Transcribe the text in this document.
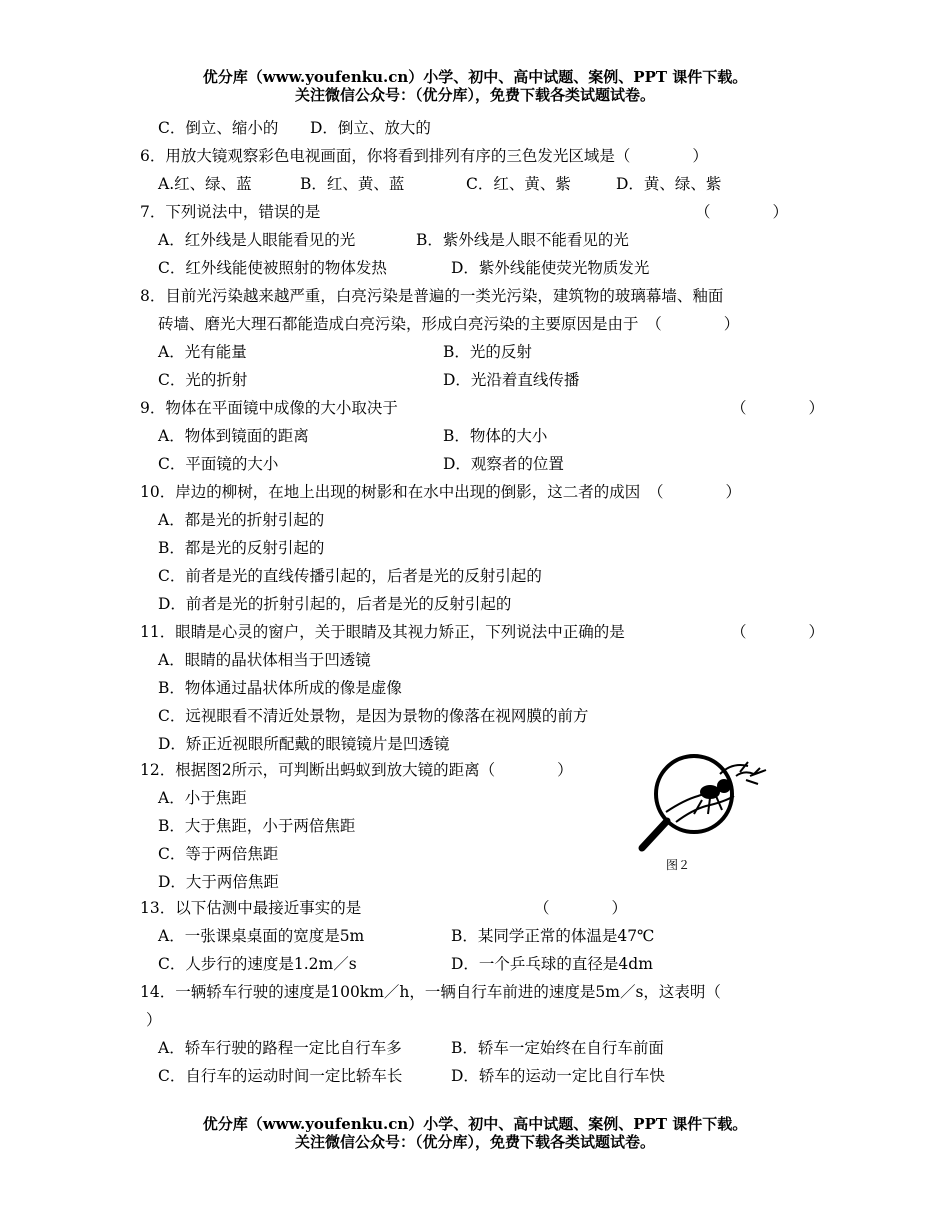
优分库（www.youfenku.cn）小学、初中、高中试题、案例、PPT 课件下载。
关注微信公众号：（优分库），免费下载各类试题试卷。
C．倒立、缩小的 D．倒立、放大的
6．用放大镜观察彩色电视画面，你将看到排列有序的三色发光区域是（　　　　）
A.红、绿、蓝	B．红、黄、蓝	C．红、黄、紫	D．黄、绿、紫
7．下列说法中，错误的是	（　　　　）
A．红外线是人眼能看见的光	B．紫外线是人眼不能看见的光
C．红外线能使被照射的物体发热	D．紫外线能使荧光物质发光
8．目前光污染越来越严重，白亮污染是普遍的一类光污染，建筑物的玻璃幕墙、釉面
砖墙、磨光大理石都能造成白亮污染，形成白亮污染的主要原因是由于　（　　　　）
A．光有能量	B．光的反射
C．光的折射	D．光沿着直线传播
9．物体在平面镜中成像的大小取决于	（　　　　）
A．物体到镜面的距离	B．物体的大小
C．平面镜的大小	D．观察者的位置
10．岸边的柳树，在地上出现的树影和在水中出现的倒影，这二者的成因　（　　　　）
A．都是光的折射引起的
B．都是光的反射引起的
C．前者是光的直线传播引起的，后者是光的反射引起的
D．前者是光的折射引起的，后者是光的反射引起的
11．眼睛是心灵的窗户，关于眼睛及其视力矫正，下列说法中正确的是	（　　　　）
A．眼睛的晶状体相当于凹透镜
B．物体通过晶状体所成的像是虚像
C．远视眼看不清近处景物，是因为景物的像落在视网膜的前方
D．矫正近视眼所配戴的眼镜镜片是凹透镜
12．根据图2所示，可判断出蚂蚁到放大镜的距离（　　　　）
A．小于焦距
B．大于焦距，小于两倍焦距
C．等于两倍焦距
D．大于两倍焦距
图２
13．以下估测中最接近事实的是	（　　　　）
A．一张课桌桌面的宽度是5m	B．某同学正常的体温是47℃
C．人步行的速度是1.2m／s	D．一个乒乓球的直径是4dm
14．一辆轿车行驶的速度是100km／h，一辆自行车前进的速度是5m／s，这表明（
）
A．轿车行驶的路程一定比自行车多	B．轿车一定始终在自行车前面
C．自行车的运动时间一定比轿车长	D．轿车的运动一定比自行车快
优分库（www.youfenku.cn）小学、初中、高中试题、案例、PPT 课件下载。
关注微信公众号：（优分库），免费下载各类试题试卷。
